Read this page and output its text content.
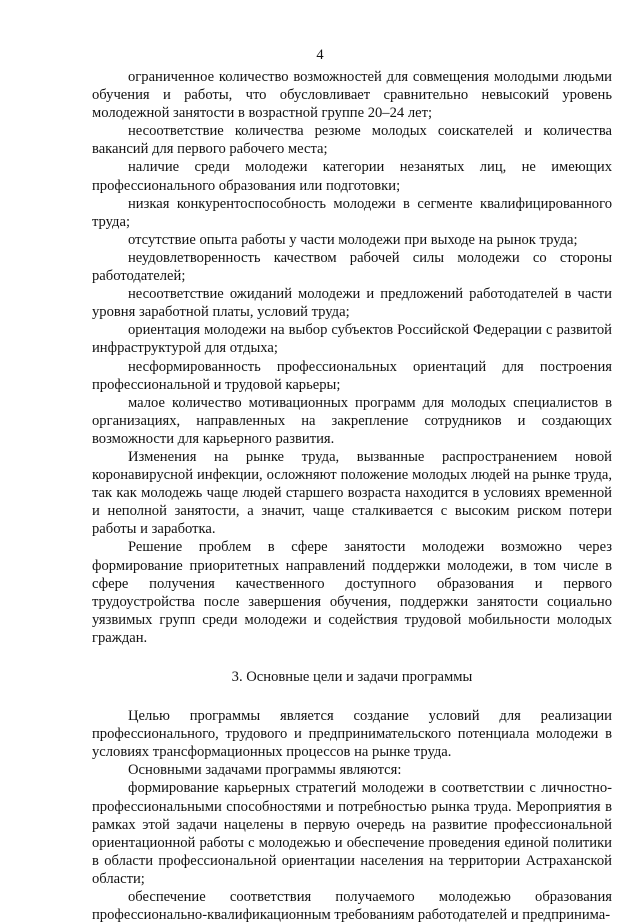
4

ограниченное количество возможностей для совмещения молодыми людьми обучения и работы, что обусловливает сравнительно невысокий уровень молодежной занятости в возрастной группе 20–24 лет;

несоответствие количества резюме молодых соискателей и количества вакансий для первого рабочего места;

наличие среди молодежи категории незанятых лиц, не имеющих профессионального образования или подготовки;

низкая конкурентоспособность молодежи в сегменте квалифицированного труда;

отсутствие опыта работы у части молодежи при выходе на рынок труда;

неудовлетворенность качеством рабочей силы молодежи со стороны работодателей;

несоответствие ожиданий молодежи и предложений работодателей в части уровня заработной платы, условий труда;

ориентация молодежи на выбор субъектов Российской Федерации с развитой инфраструктурой для отдыха;

несформированность профессиональных ориентаций для построения профессиональной и трудовой карьеры;

малое количество мотивационных программ для молодых специалистов в организациях, направленных на закрепление сотрудников и создающих возможности для карьерного развития.

Изменения на рынке труда, вызванные распространением новой коронавирусной инфекции, осложняют положение молодых людей на рынке труда, так как молодежь чаще людей старшего возраста находится в условиях временной и неполной занятости, а значит, чаще сталкивается с высоким риском потери работы и заработка.

Решение проблем в сфере занятости молодежи возможно через формирование приоритетных направлений поддержки молодежи, в том числе в сфере получения качественного доступного образования и первого трудоустройства после завершения обучения, поддержки занятости социально уязвимых групп среди молодежи и содействия трудовой мобильности молодых граждан.

3. Основные цели и задачи программы

Целью программы является создание условий для реализации профессионального, трудового и предпринимательского потенциала молодежи в условиях трансформационных процессов на рынке труда.

Основными задачами программы являются:

формирование карьерных стратегий молодежи в соответствии с личностно-профессиональными способностями и потребностью рынка труда. Мероприятия в рамках этой задачи нацелены в первую очередь на развитие профессиональной ориентационной работы с молодежью и обеспечение проведения единой политики в области профессиональной ориентации населения на территории Астраханской области;

обеспечение соответствия получаемого молодежью образования профессионально-квалификационным требованиям работодателей и предпринима-
